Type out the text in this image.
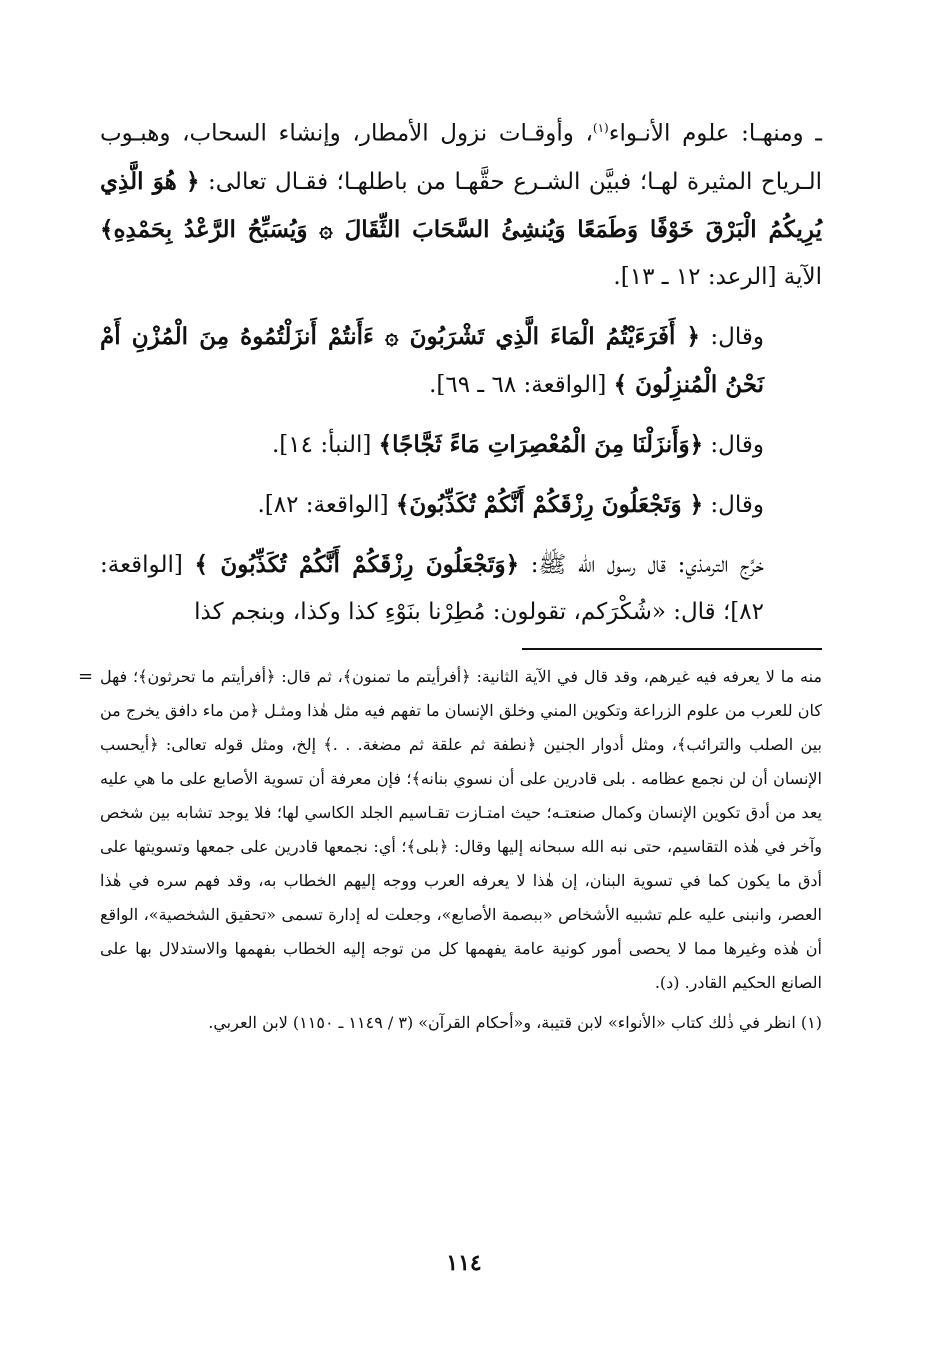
ـ ومنهـا: علوم الأنـواء$^{(١)}$، وأوقـات نزول الأمطار، وإنشاء السحاب، وهبـوب الـرياح المثيرة لهـا؛ فبيَّن الشـرع حقَّهـا من باطلهـا؛ فقـال تعالى: ﴿ هُوَ الَّذِي يُرِيكُمُ الْبَرْقَ خَوْفًا وَطَمَعًا وَيُنشِئُ السَّحَابَ الثِّقَالَ ۞ وَيُسَبِّحُ الرَّعْدُ بِحَمْدِهِ﴾ الآية [الرعد: ١٢ ـ ١٣].

وقال: ﴿ أَفَرَءَيْتُمُ الْمَاءَ الَّذِي تَشْرَبُونَ ۞ ءَأَنتُمْ أَنزَلْتُمُوهُ مِنَ الْمُزْنِ أَمْ نَحْنُ الْمُنزِلُونَ ﴾ [الواقعة: ٦٨ ـ ٦٩].

وقال: ﴿وَأَنزَلْنَا مِنَ الْمُعْصِرَاتِ مَاءً ثَجَّاجًا﴾ [النبأ: ١٤].

وقال: ﴿ وَتَجْعَلُونَ رِزْقَكُمْ أَنَّكُمْ تُكَذِّبُونَ﴾ [الواقعة: ٨٢].

خرَّج الترمذي: قال رسول الله ﷺ: ﴿وَتَجْعَلُونَ رِزْقَكُمْ أَنَّكُمْ تُكَذِّبُونَ ﴾ [الواقعة: ٨٢]؛ قال: «شُكْرَكم، تقولون: مُطِرْنا بنَوْءِ كذا وكذا، وبنجم كذا

= منه ما لا يعرفه فيه غيرهم، وقد قال في الآية الثانية: ﴿أفرأيتم ما تمنون﴾، ثم قال: ﴿أفرأيتم ما تحرثون﴾؛ فهل كان للعرب من علوم الزراعة وتكوين المني وخلق الإنسان ما تفهم فيه مثل هٰذا ومثـل ﴿من ماء دافق يخرج من بين الصلب والترائب﴾، ومثل أدوار الجنين ﴿نطفة ثم علقة ثم مضغة. . .﴾ إلخ، ومثل قوله تعالى: ﴿أيحسب الإنسان أن لن نجمع عظامه . بلى قادرين على أن نسوي بنانه﴾؛ فإن معرفة أن تسوية الأصابع على ما هي عليه يعد من أدق تكوين الإنسان وكمال صنعتـه؛ حيث امتـازت تقـاسيم الجلد الكاسي لها؛ فلا يوجد تشابه بين شخص وآخر في هٰذه التقاسيم، حتى نبه الله سبحانه إليها وقال: ﴿بلى﴾؛ أي: نجمعها قادرين على جمعها وتسويتها على أدق ما يكون كما في تسوية البنان، إن هٰذا لا يعرفه العرب ووجه إليهم الخطاب به، وقد فهم سره في هٰذا العصر، وانبنى عليه علم تشبيه الأشخاص «ببصمة الأصابع»، وجعلت له إدارة تسمى «تحقيق الشخصية»، الواقع أن هٰذه وغيرها مما لا يحصى أمور كونية عامة يفهمها كل من توجه إليه الخطاب بفهمها والاستدلال بها على الصانع الحكيم القادر. (د).

(١) انظر في ذٰلك كتاب «الأنواء» لابن قتيبة، و«أحكام القرآن» (٣ / ١١٤٩ ـ ١١٥٠) لابن العربي.

١١٤
